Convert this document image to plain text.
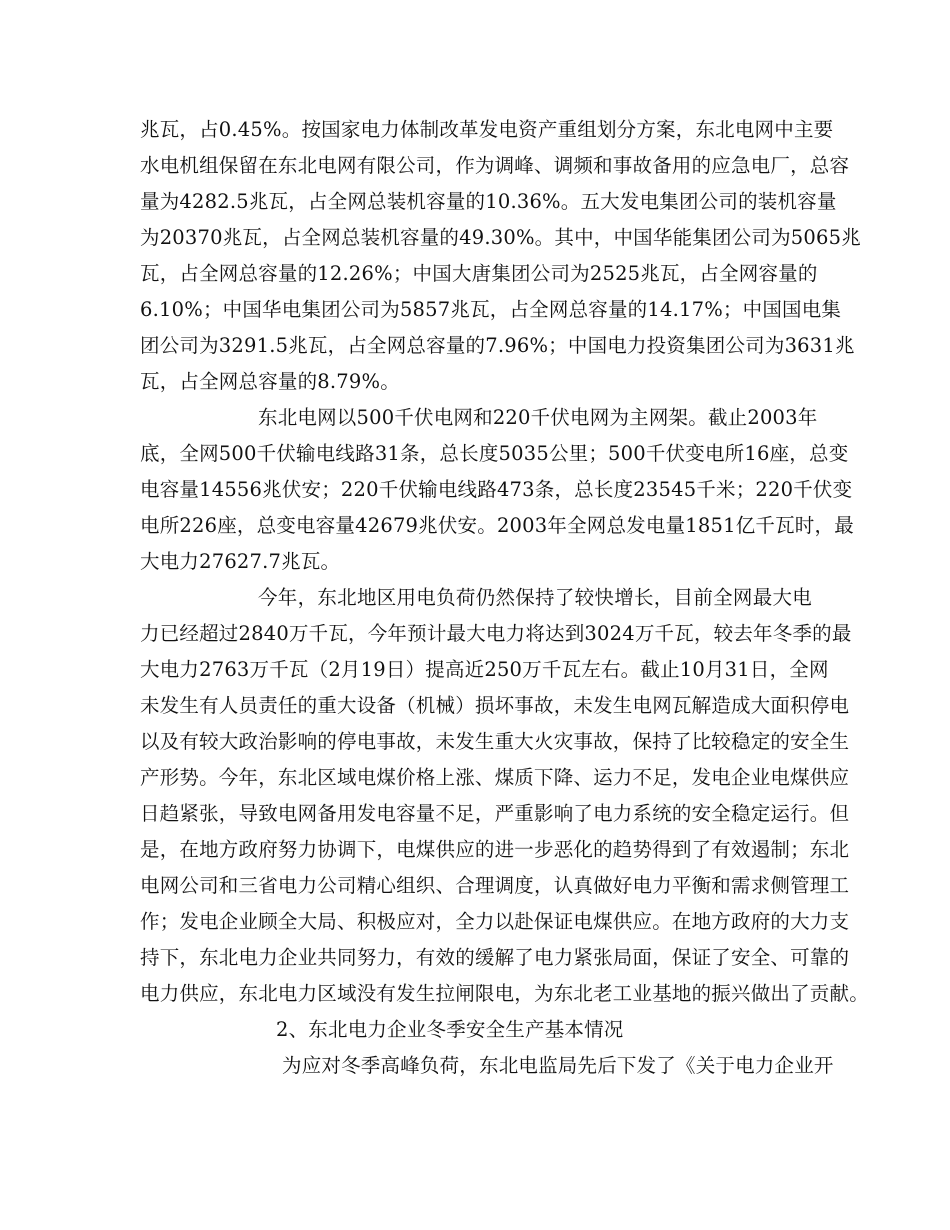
兆瓦，占0.45%。按国家电力体制改革发电资产重组划分方案，东北电网中主要
水电机组保留在东北电网有限公司，作为调峰、调频和事故备用的应急电厂，总容
量为4282.5兆瓦，占全网总装机容量的10.36%。五大发电集团公司的装机容量
为20370兆瓦，占全网总装机容量的49.30%。其中，中国华能集团公司为5065兆
瓦，占全网总容量的12.26%；中国大唐集团公司为2525兆瓦，占全网容量的
6.10%；中国华电集团公司为5857兆瓦，占全网总容量的14.17%；中国国电集
团公司为3291.5兆瓦，占全网总容量的7.96%；中国电力投资集团公司为3631兆
瓦，占全网总容量的8.79%。
东北电网以500千伏电网和220千伏电网为主网架。截止2003年
底，全网500千伏输电线路31条，总长度5035公里；500千伏变电所16座，总变
电容量14556兆伏安；220千伏输电线路473条，总长度23545千米；220千伏变
电所226座，总变电容量42679兆伏安。2003年全网总发电量1851亿千瓦时，最
大电力27627.7兆瓦。
今年，东北地区用电负荷仍然保持了较快增长，目前全网最大电
力已经超过2840万千瓦，今年预计最大电力将达到3024万千瓦，较去年冬季的最
大电力2763万千瓦（2月19日）提高近250万千瓦左右。截止10月31日，全网
未发生有人员责任的重大设备（机械）损坏事故，未发生电网瓦解造成大面积停电
以及有较大政治影响的停电事故，未发生重大火灾事故，保持了比较稳定的安全生
产形势。今年，东北区域电煤价格上涨、煤质下降、运力不足，发电企业电煤供应
日趋紧张，导致电网备用发电容量不足，严重影响了电力系统的安全稳定运行。但
是，在地方政府努力协调下，电煤供应的进一步恶化的趋势得到了有效遏制；东北
电网公司和三省电力公司精心组织、合理调度，认真做好电力平衡和需求侧管理工
作；发电企业顾全大局、积极应对，全力以赴保证电煤供应。在地方政府的大力支
持下，东北电力企业共同努力，有效的缓解了电力紧张局面，保证了安全、可靠的
电力供应，东北电力区域没有发生拉闸限电，为东北老工业基地的振兴做出了贡献。
2、东北电力企业冬季安全生产基本情况
为应对冬季高峰负荷，东北电监局先后下发了《关于电力企业开
